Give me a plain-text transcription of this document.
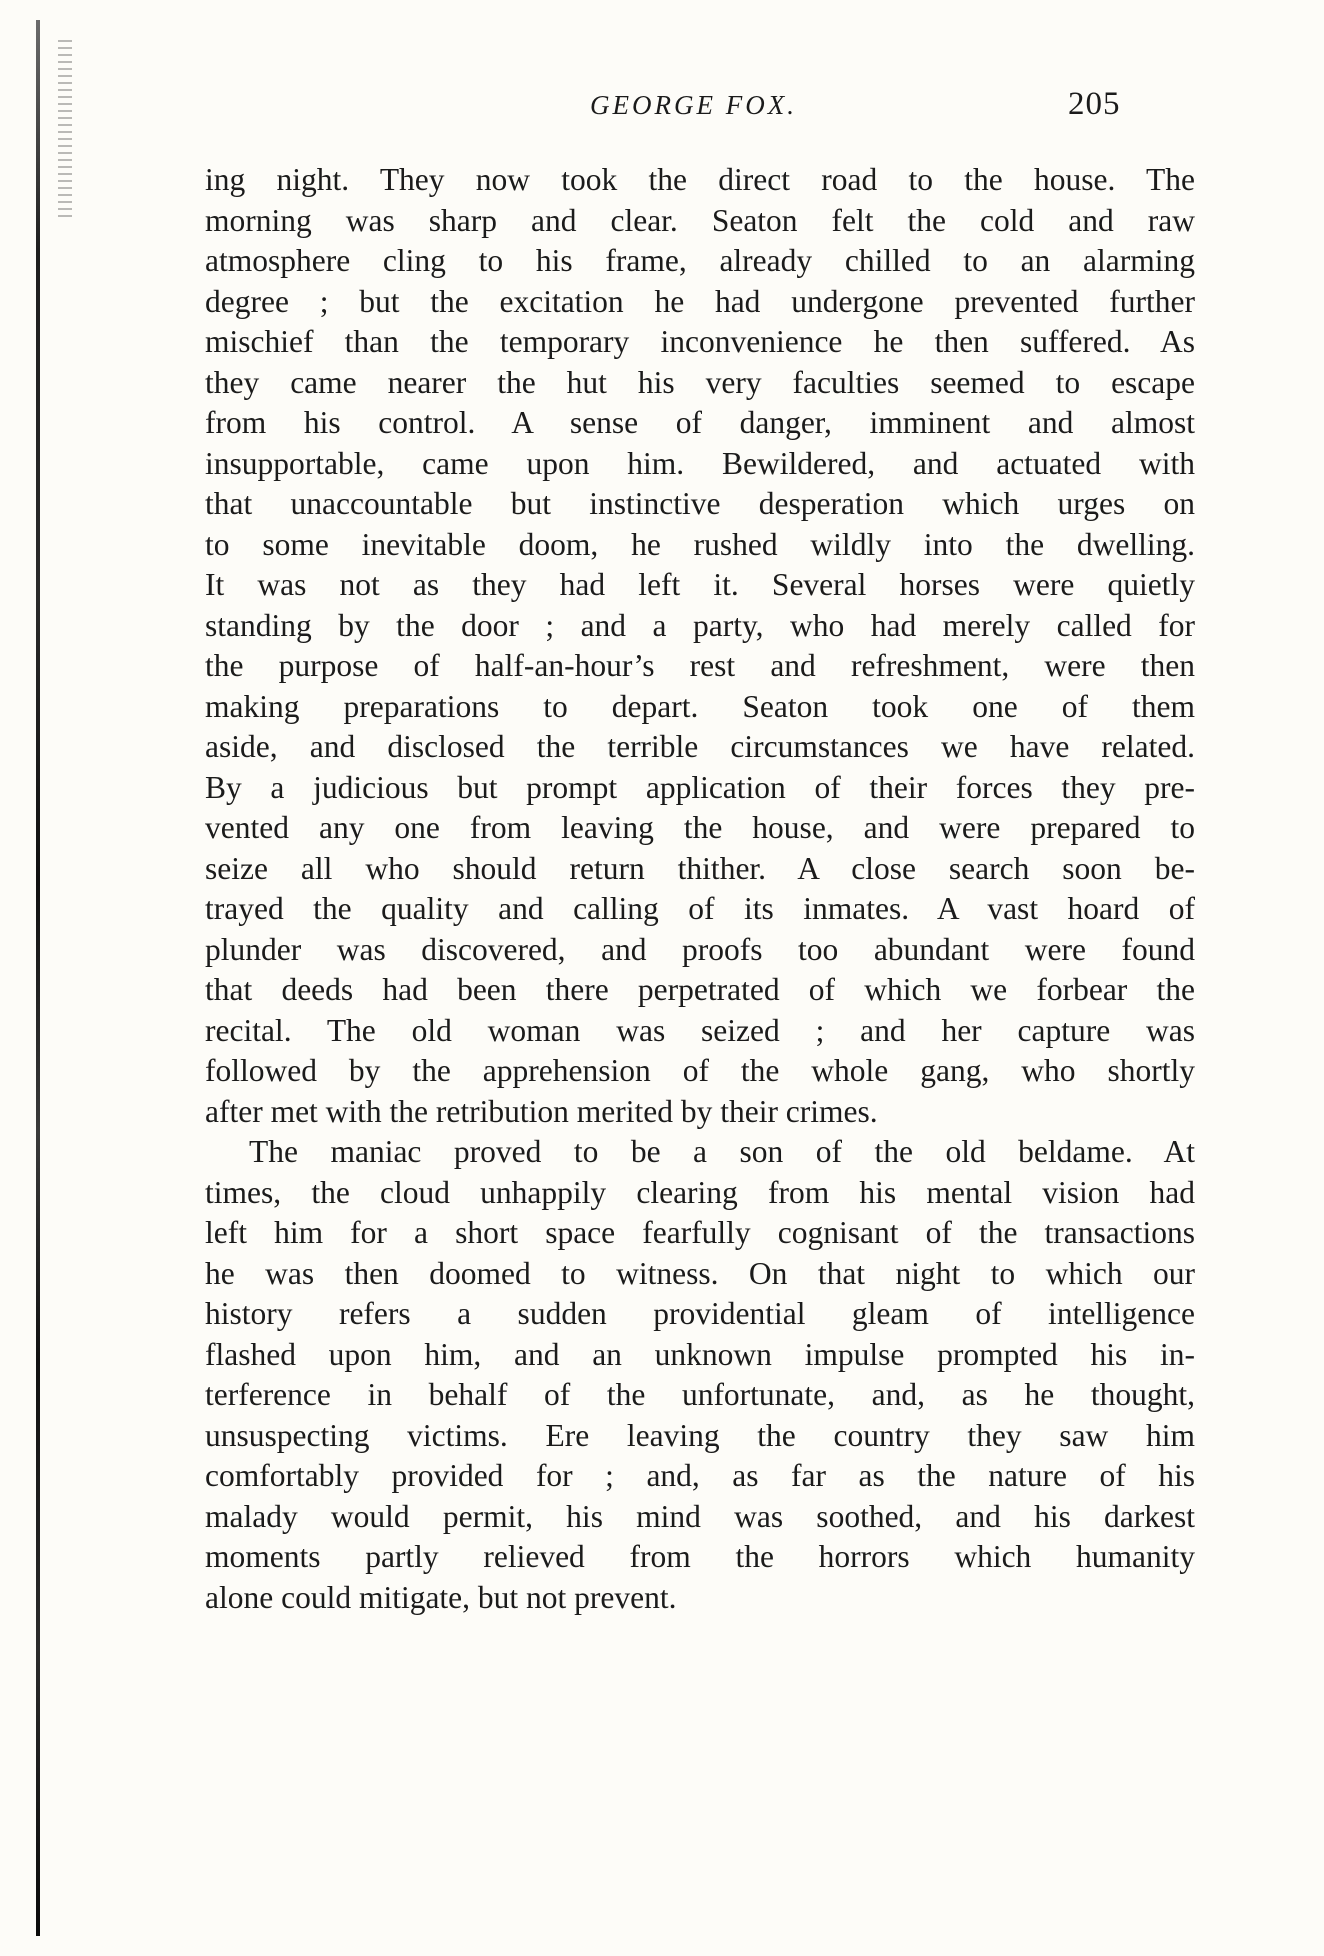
GEORGE FOX.	205
ing night. They now took the direct road to the house. The
morning was sharp and clear. Seaton felt the cold and raw
atmosphere cling to his frame, already chilled to an alarming
degree ; but the excitation he had undergone prevented further
mischief than the temporary inconvenience he then suffered. As
they came nearer the hut his very faculties seemed to escape
from his control. A sense of danger, imminent and almost
insupportable, came upon him. Bewildered, and actuated with
that unaccountable but instinctive desperation which urges on
to some inevitable doom, he rushed wildly into the dwelling.
It was not as they had left it. Several horses were quietly
standing by the door ; and a party, who had merely called for
the purpose of half-an-hour’s rest and refreshment, were then
making preparations to depart. Seaton took one of them
aside, and disclosed the terrible circumstances we have related.
By a judicious but prompt application of their forces they pre-
vented any one from leaving the house, and were prepared to
seize all who should return thither. A close search soon be-
trayed the quality and calling of its inmates. A vast hoard of
plunder was discovered, and proofs too abundant were found
that deeds had been there perpetrated of which we forbear the
recital. The old woman was seized ; and her capture was
followed by the apprehension of the whole gang, who shortly
after met with the retribution merited by their crimes.
The maniac proved to be a son of the old beldame. At
times, the cloud unhappily clearing from his mental vision had
left him for a short space fearfully cognisant of the transactions
he was then doomed to witness. On that night to which our
history refers a sudden providential gleam of intelligence
flashed upon him, and an unknown impulse prompted his in-
terference in behalf of the unfortunate, and, as he thought,
unsuspecting victims. Ere leaving the country they saw him
comfortably provided for ; and, as far as the nature of his
malady would permit, his mind was soothed, and his darkest
moments partly relieved from the horrors which humanity
alone could mitigate, but not prevent.
